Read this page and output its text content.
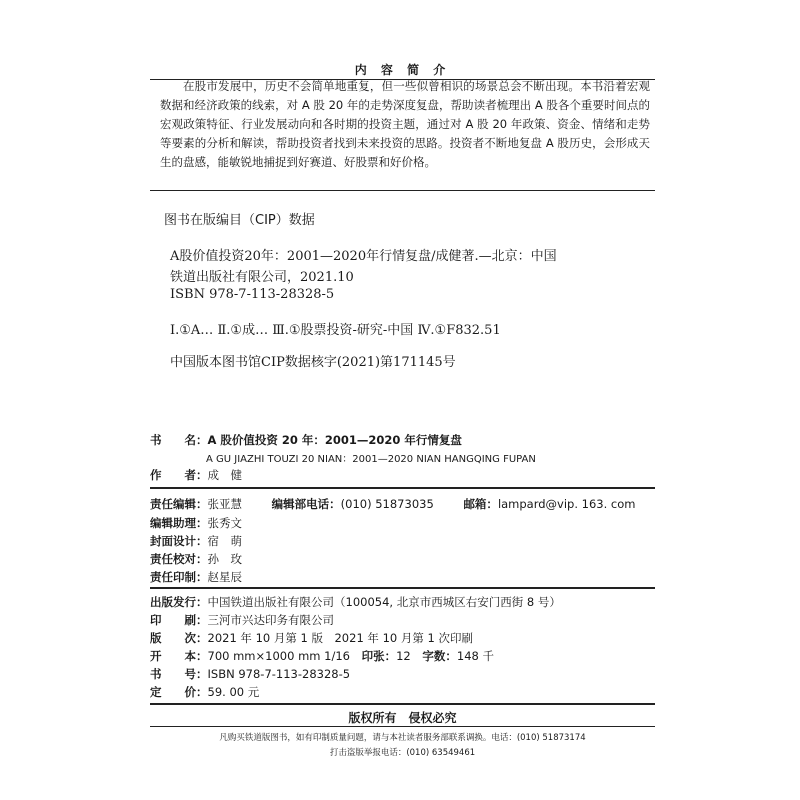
内 容 简 介
在股市发展中，历史不会简单地重复，但一些似曾相识的场景总会不断出现。本书沿着宏观数据和经济政策的线索，对 A 股 20 年的走势深度复盘，帮助读者梳理出 A 股各个重要时间点的宏观政策特征、行业发展动向和各时期的投资主题，通过对 A 股 20 年政策、资金、情绪和走势等要素的分析和解读，帮助投资者找到未来投资的思路。投资者不断地复盘 A 股历史，会形成天生的盘感，能敏锐地捕捉到好赛道、好股票和好价格。
图书在版编目（CIP）数据
A股价值投资20年：2001—2020年行情复盘/成健著.—北京：中国
铁道出版社有限公司，2021.10
ISBN 978-7-113-28328-5
Ⅰ.①A… Ⅱ.①成… Ⅲ.①股票投资-研究-中国 Ⅳ.①F832.51
中国版本图书馆CIP数据核字(2021)第171145号
书　　名：A 股价值投资 20 年：2001—2020 年行情复盘
A GU JIAZHI TOUZI 20 NIAN：2001—2020 NIAN HANGQING FUPAN
作　　者：成　健
责任编辑：张亚慧	编辑部电话：(010) 51873035	邮箱：lampard@vip. 163. com
编辑助理：张秀文
封面设计：宿　萌
责任校对：孙　玫
责任印制：赵星辰
出版发行：中国铁道出版社有限公司（100054, 北京市西城区右安门西街 8 号）
印　　刷：三河市兴达印务有限公司
版　　次：2021 年 10 月第 1 版　2021 年 10 月第 1 次印刷
开　　本：700 mm×1000 mm 1/16 印张：12 字数：148 千
书　　号：ISBN 978-7-113-28328-5
定　　价：59. 00 元
版权所有　侵权必究
凡购买铁道版图书，如有印制质量问题，请与本社读者服务部联系调换。电话：(010) 51873174
打击盗版举报电话：(010) 63549461
